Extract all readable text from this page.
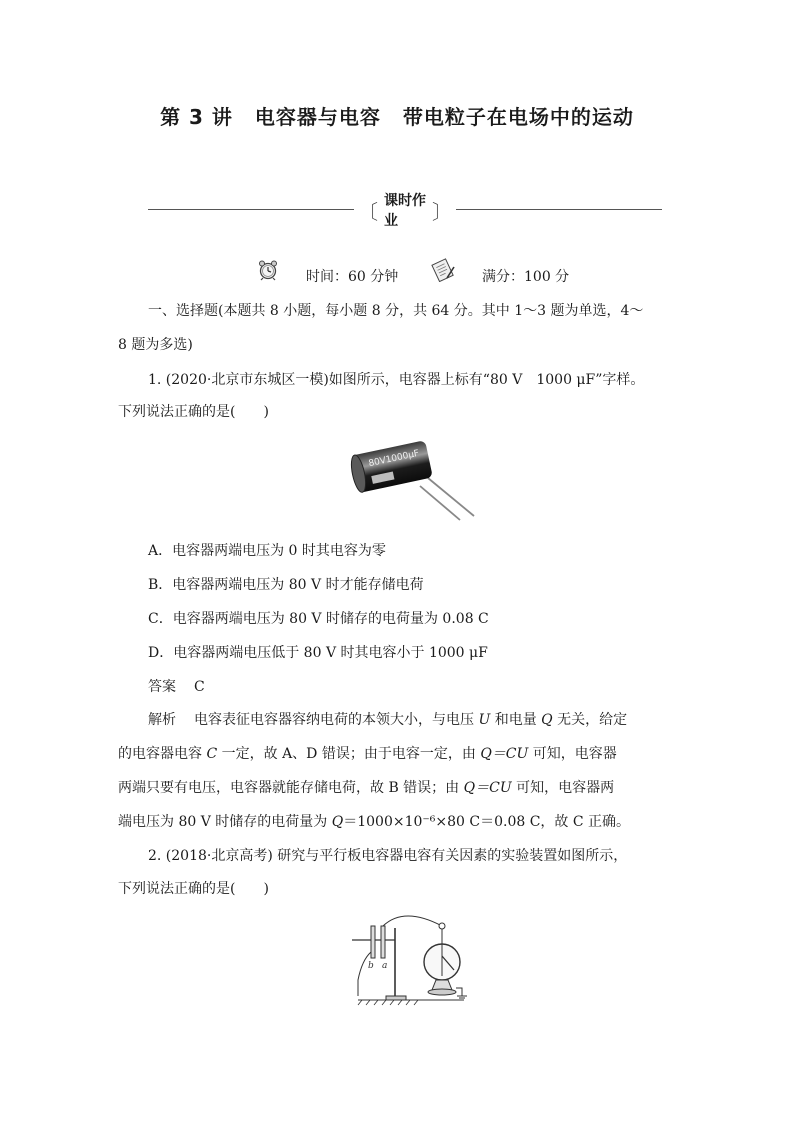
第 3 讲 电容器与电容 带电粒子在电场中的运动
〔 课时作业	〕
时间：60 分钟	满分：100 分
一、选择题(本题共 8 小题，每小题 8 分，共 64 分。其中 1～3 题为单选，4～
8 题为多选)
1. (2020·北京市东城区一模)如图所示，电容器上标有“80 V　1000 μF”字样。
下列说法正确的是(　　)
80V1000μF
A．电容器两端电压为 0 时其电容为零
B．电容器两端电压为 80 V 时才能存储电荷
C．电容器两端电压为 80 V 时储存的电荷量为 0.08 C
D．电容器两端电压低于 80 V 时其电容小于 1000 μF
答案 C
解析 电容表征电容器容纳电荷的本领大小，与电压 U 和电量 Q 无关，给定
的电容器电容 C 一定，故 A、D 错误；由于电容一定，由 Q＝CU 可知，电容器
两端只要有电压，电容器就能存储电荷，故 B 错误；由 Q＝CU 可知，电容器两
端电压为 80 V 时储存的电荷量为 Q＝1000×10⁻⁶×80 C＝0.08 C，故 C 正确。
2. (2018·北京高考) 研究与平行板电容器电容有关因素的实验装置如图所示，
下列说法正确的是(　　)
b a
